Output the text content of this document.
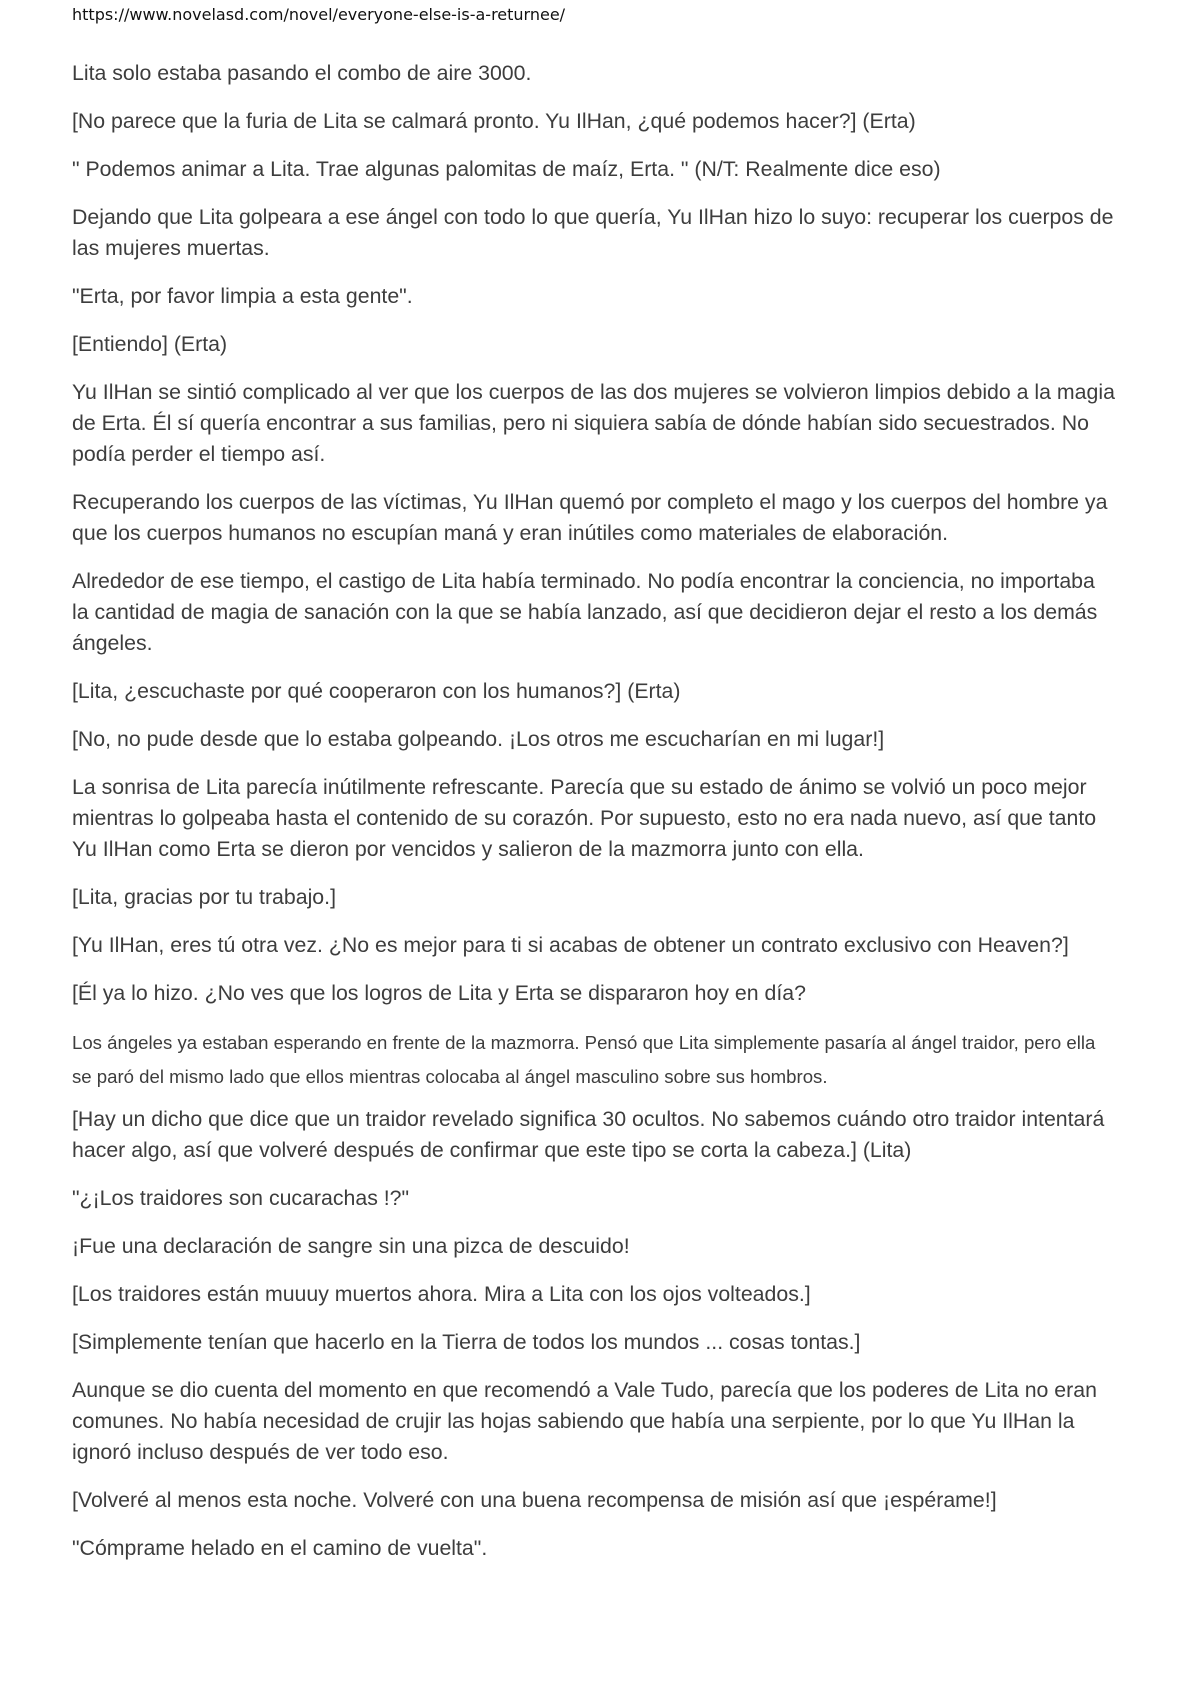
https://www.novelasd.com/novel/everyone-else-is-a-returnee/

Lita solo estaba pasando el combo de aire 3000.

[No parece que la furia de Lita se calmará pronto. Yu IlHan, ¿qué podemos hacer?] (Erta)

" Podemos animar a Lita. Trae algunas palomitas de maíz, Erta. " (N/T: Realmente dice eso)

Dejando que Lita golpeara a ese ángel con todo lo que quería, Yu IlHan hizo lo suyo: recuperar los cuerpos de las mujeres muertas.

"Erta, por favor limpia a esta gente".

[Entiendo] (Erta)

Yu IlHan se sintió complicado al ver que los cuerpos de las dos mujeres se volvieron limpios debido a la magia de Erta. Él sí quería encontrar a sus familias, pero ni siquiera sabía de dónde habían sido secuestrados. No podía perder el tiempo así.

Recuperando los cuerpos de las víctimas, Yu IlHan quemó por completo el mago y los cuerpos del hombre ya que los cuerpos humanos no escupían maná y eran inútiles como materiales de elaboración.

Alrededor de ese tiempo, el castigo de Lita había terminado. No podía encontrar la conciencia, no importaba la cantidad de magia de sanación con la que se había lanzado, así que decidieron dejar el resto a los demás ángeles.

[Lita, ¿escuchaste por qué cooperaron con los humanos?] (Erta)

[No, no pude desde que lo estaba golpeando. ¡Los otros me escucharían en mi lugar!]

La sonrisa de Lita parecía inútilmente refrescante. Parecía que su estado de ánimo se volvió un poco mejor mientras lo golpeaba hasta el contenido de su corazón. Por supuesto, esto no era nada nuevo, así que tanto Yu IlHan como Erta se dieron por vencidos y salieron de la mazmorra junto con ella.

[Lita, gracias por tu trabajo.]

[Yu IlHan, eres tú otra vez. ¿No es mejor para ti si acabas de obtener un contrato exclusivo con Heaven?]

[Él ya lo hizo. ¿No ves que los logros de Lita y Erta se dispararon hoy en día?

Los ángeles ya estaban esperando en frente de la mazmorra. Pensó que Lita simplemente pasaría al ángel traidor, pero ella se paró del mismo lado que ellos mientras colocaba al ángel masculino sobre sus hombros.

[Hay un dicho que dice que un traidor revelado significa 30 ocultos. No sabemos cuándo otro traidor intentará hacer algo, así que volveré después de confirmar que este tipo se corta la cabeza.] (Lita)

"¿¡Los traidores son cucarachas !?"

¡Fue una declaración de sangre sin una pizca de descuido!

[Los traidores están muuuy muertos ahora. Mira a Lita con los ojos volteados.]

[Simplemente tenían que hacerlo en la Tierra de todos los mundos ... cosas tontas.]

Aunque se dio cuenta del momento en que recomendó a Vale Tudo, parecía que los poderes de Lita no eran comunes. No había necesidad de crujir las hojas sabiendo que había una serpiente, por lo que Yu IlHan la ignoró incluso después de ver todo eso.

[Volveré al menos esta noche. Volveré con una buena recompensa de misión así que ¡espérame!]

"Cómprame helado en el camino de vuelta".
